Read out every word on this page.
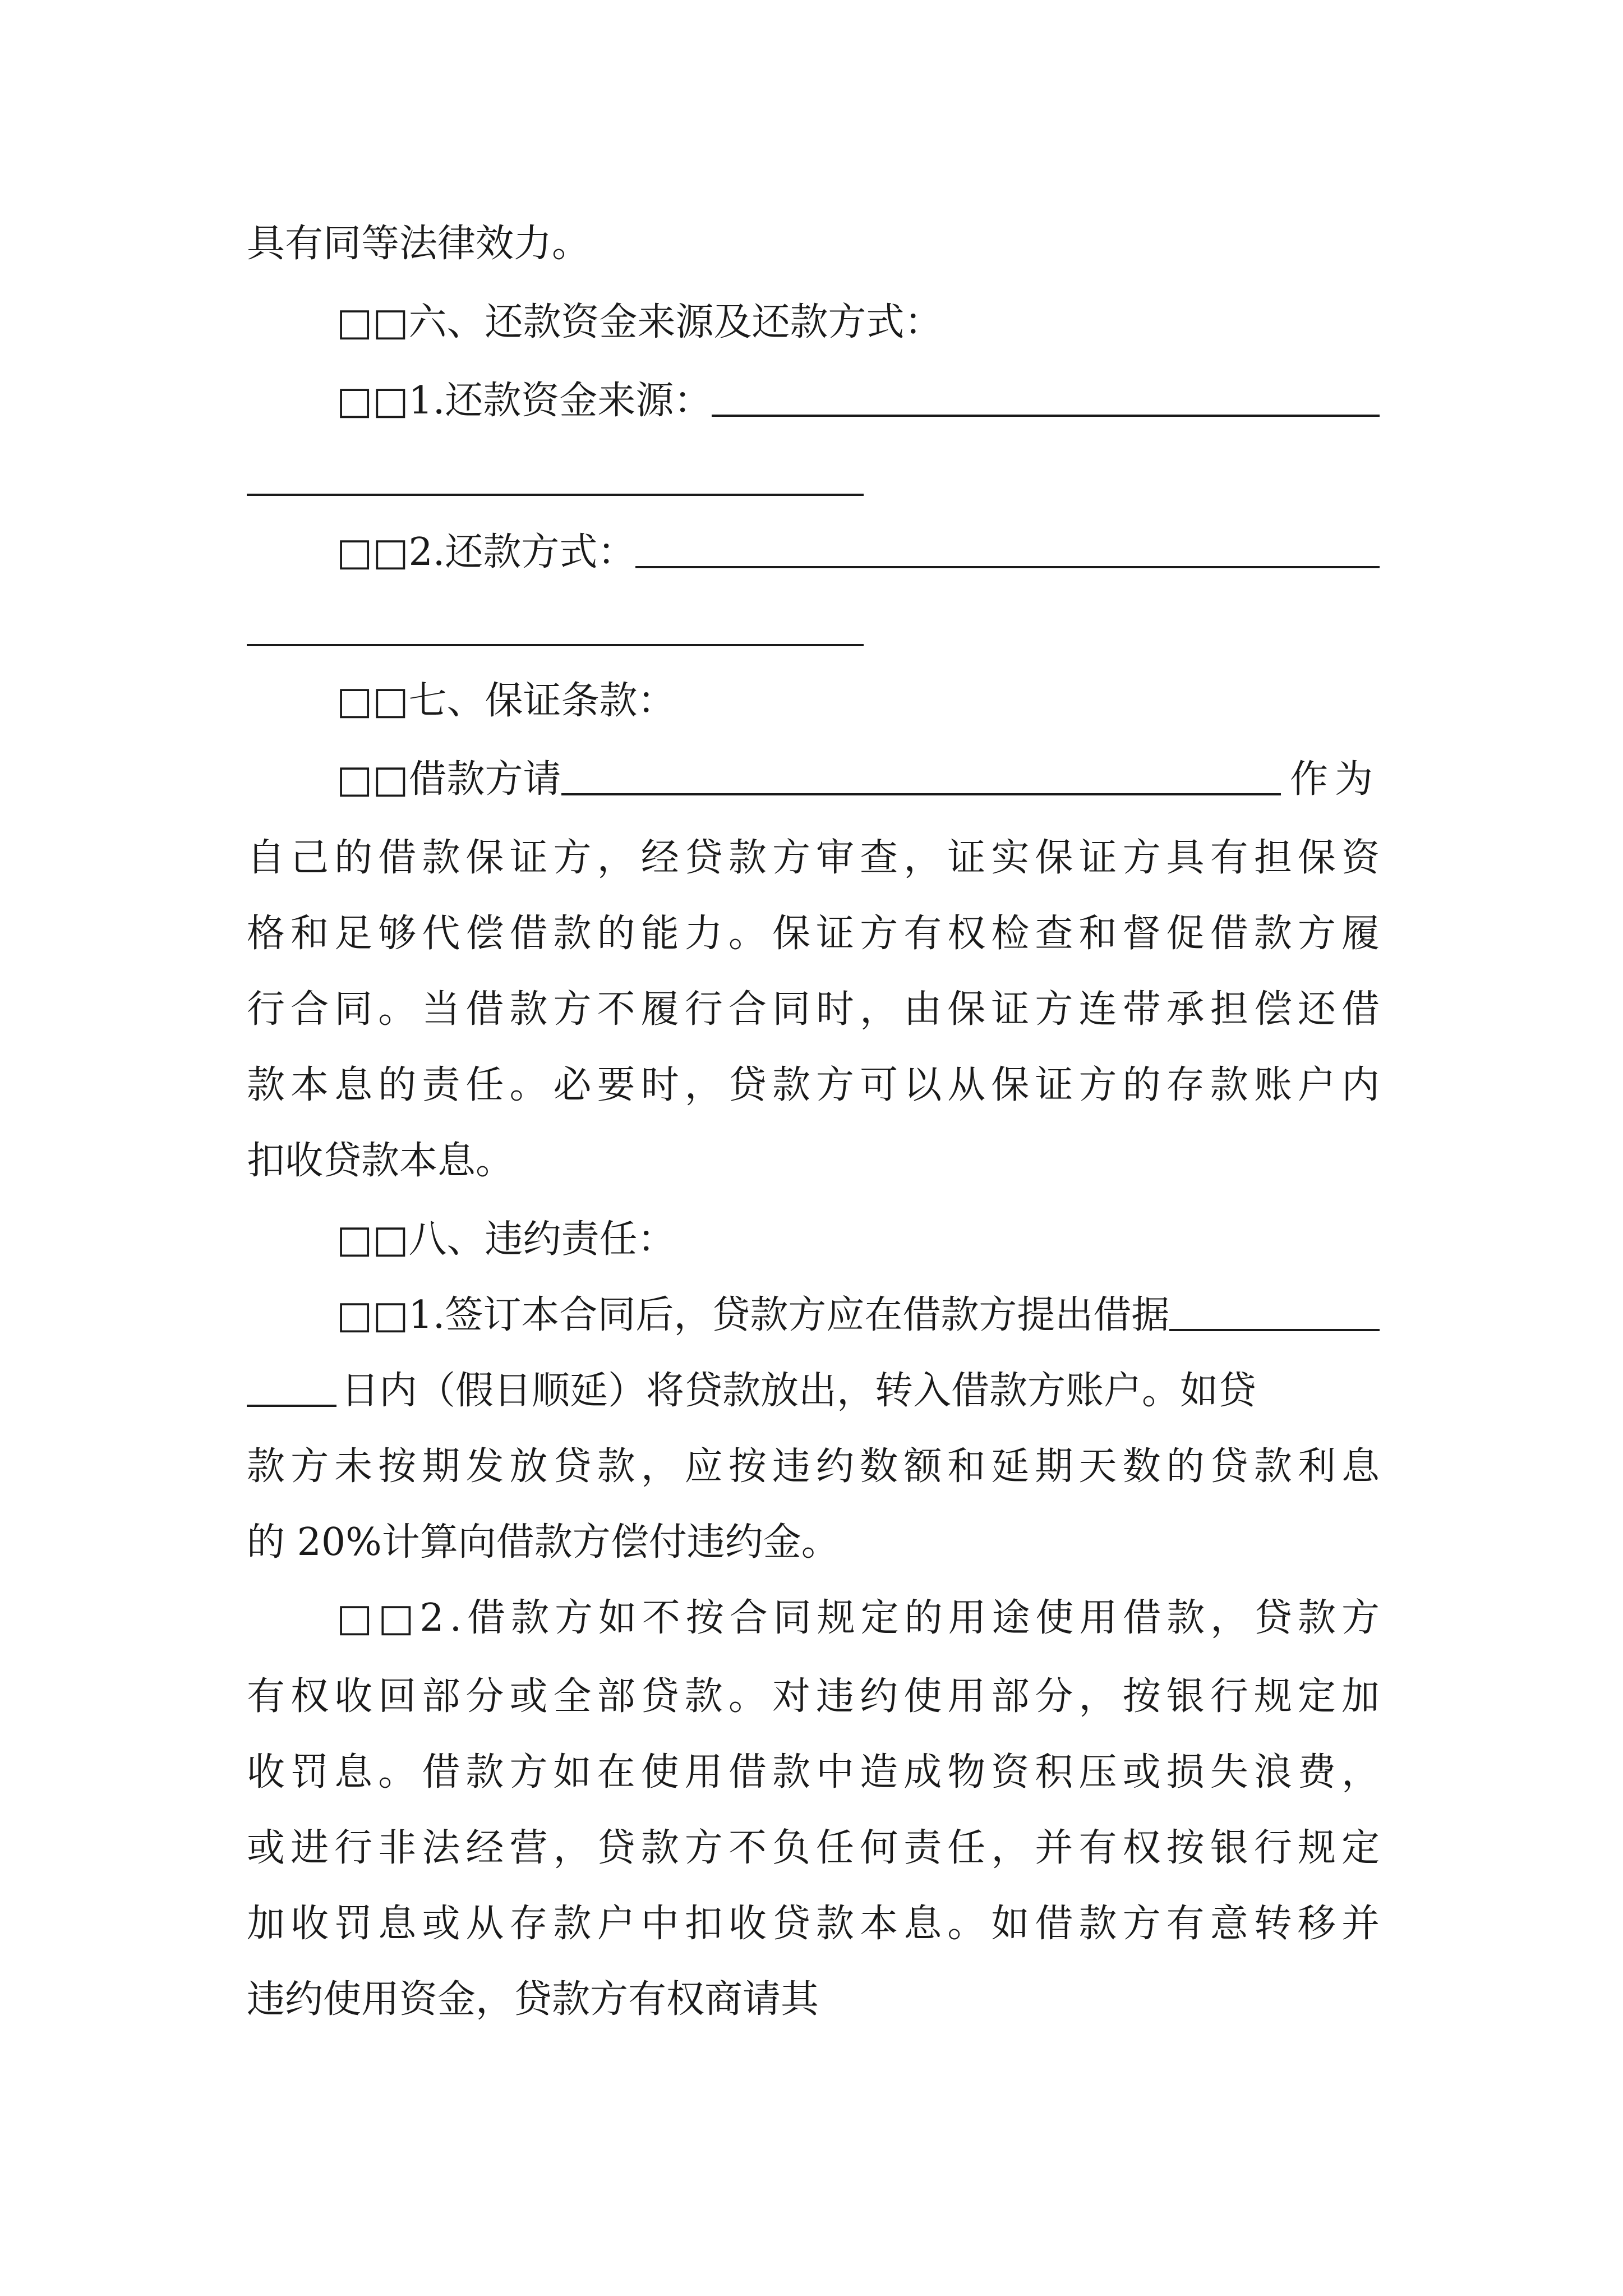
具有同等法律效力。
□□六、还款资金来源及还款方式：
□□1.还款资金来源：
□□2.还款方式：
□□七、保证条款：
□□借款方请	作为
自己的借款保证方，经贷款方审查，证实保证方具有担保资
格和足够代偿借款的能力。保证方有权检查和督促借款方履
行合同。当借款方不履行合同时，由保证方连带承担偿还借
款本息的责任。必要时，贷款方可以从保证方的存款账户内
扣收贷款本息。
□□八、违约责任：
□□1.签订本合同后，贷款方应在借款方提出借据
日内（假日顺延）将贷款放出，转入借款方账户。如贷
款方未按期发放贷款，应按违约数额和延期天数的贷款利息
的 20%计算向借款方偿付违约金。
□□2.借款方如不按合同规定的用途使用借款，贷款方
有权收回部分或全部贷款。对违约使用部分，按银行规定加
收罚息。借款方如在使用借款中造成物资积压或损失浪费，
或进行非法经营，贷款方不负任何责任，并有权按银行规定
加收罚息或从存款户中扣收贷款本息。如借款方有意转移并
违约使用资金，贷款方有权商请其
